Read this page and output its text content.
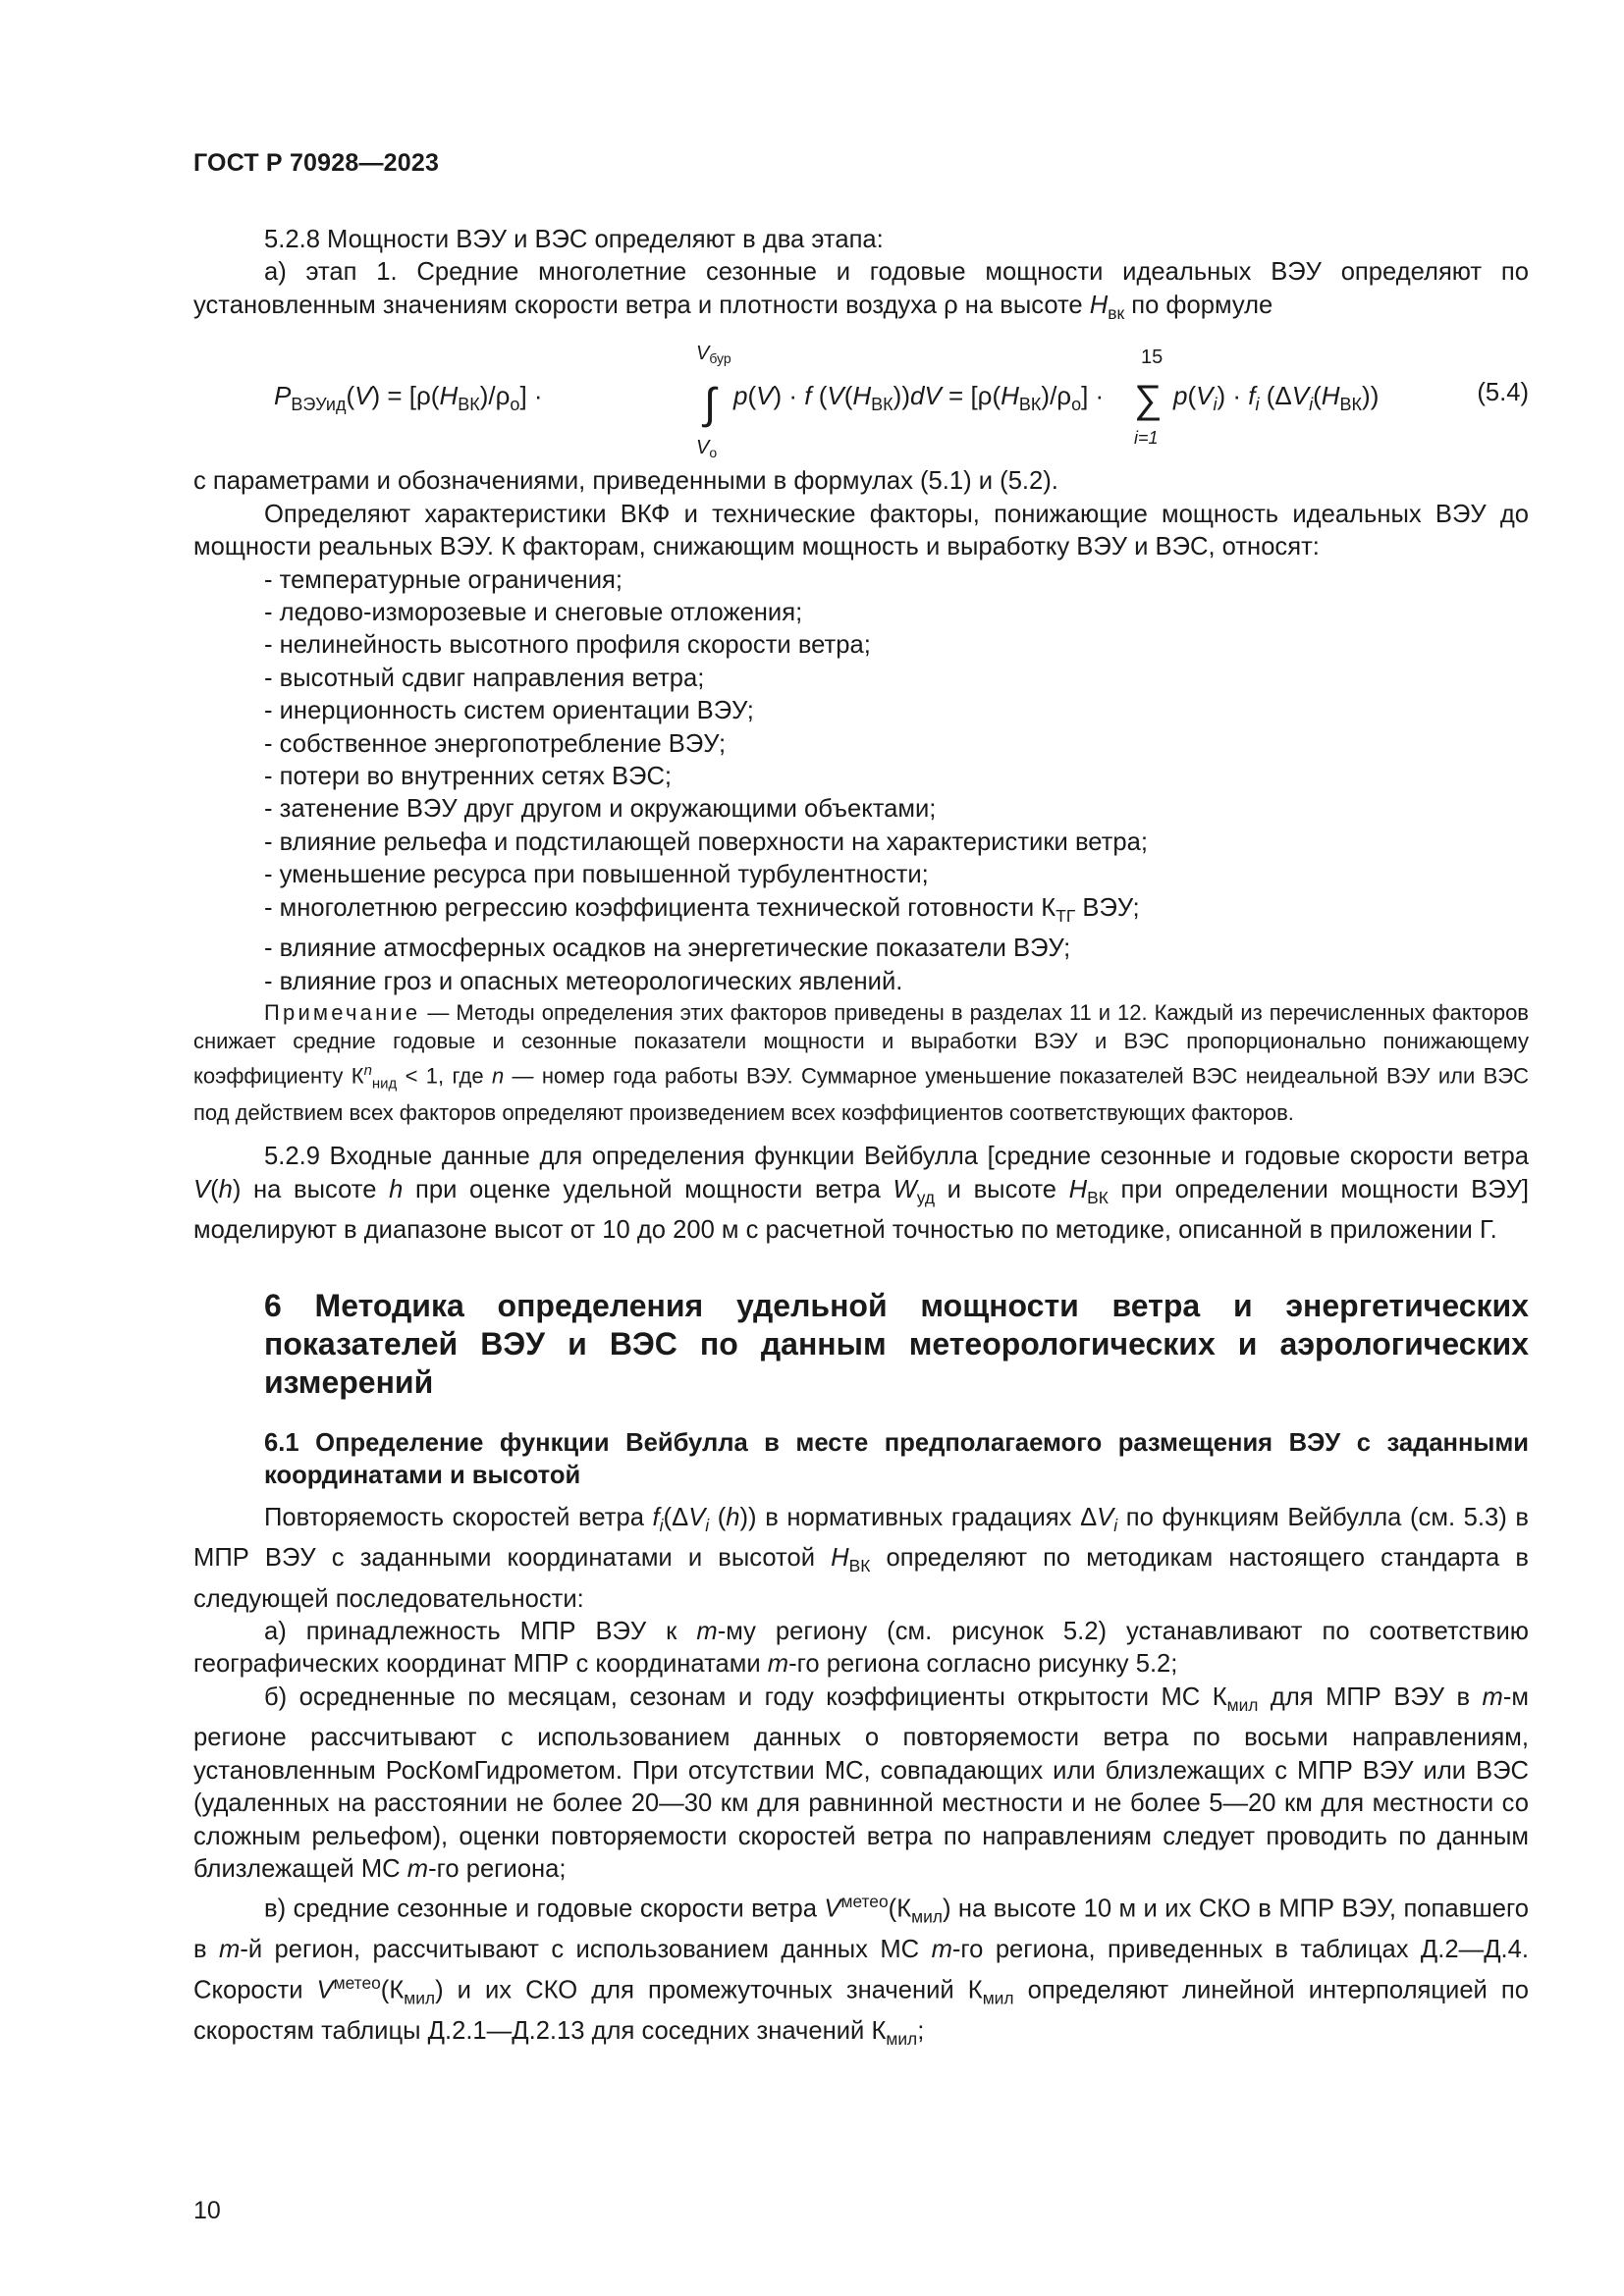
ГОСТ Р 70928—2023

5.2.8 Мощности ВЭУ и ВЭС определяют в два этапа:

а) этап 1. Средние многолетние сезонные и годовые мощности идеальных ВЭУ определяют по установленным значениям скорости ветра и плотности воздуха ρ на высоте $H_{вк}$ по формуле

$P_{ВЭУид}(V) = [\rho(H_{ВК})/\rho_о]$ ·
$V_{бур}$
∫
$V_o$
p(V) · f $(V(H_{ВК}))dV = [\rho(H_{ВК})/\rho_о]$ ·
15
∑
i=1
$p(V_i) \cdot f_i$ $(\Delta V_i(H_{ВК}))$	(5.4)

с параметрами и обозначениями, приведенными в формулах (5.1) и (5.2).

Определяют характеристики ВКФ и технические факторы, понижающие мощность идеальных ВЭУ до мощности реальных ВЭУ. К факторам, снижающим мощность и выработку ВЭУ и ВЭС, относят:

- температурные ограничения;
- ледово-изморозевые и снеговые отложения;
- нелинейность высотного профиля скорости ветра;
- высотный сдвиг направления ветра;
- инерционность систем ориентации ВЭУ;
- собственное энергопотребление ВЭУ;
- потери во внутренних сетях ВЭС;
- затенение ВЭУ друг другом и окружающими объектами;
- влияние рельефа и подстилающей поверхности на характеристики ветра;
- уменьшение ресурса при повышенной турбулентности;
- многолетнюю регрессию коэффициента технической готовности $К_{ТГ}$ ВЭУ;
- влияние атмосферных осадков на энергетические показатели ВЭУ;
- влияние гроз и опасных метеорологических явлений.

Примечание — Методы определения этих факторов приведены в разделах 11 и 12. Каждый из перечисленных факторов снижает средние годовые и сезонные показатели мощности и выработки ВЭУ и ВЭС пропорционально понижающему коэффициенту $К^n_{нид} < 1$, где n — номер года работы ВЭУ. Суммарное уменьшение показателей ВЭС неидеальной ВЭУ или ВЭС под действием всех факторов определяют произведением всех коэффициентов соответствующих факторов.

5.2.9 Входные данные для определения функции Вейбулла [средние сезонные и годовые скорости ветра V(h) на высоте h при оценке удельной мощности ветра $W_{уд}$ и высоте $H_{ВК}$ при определении мощности ВЭУ] моделируют в диапазоне высот от 10 до 200 м с расчетной точностью по методике, описанной в приложении Г.

6 Методика определения удельной мощности ветра и энергетических показателей ВЭУ и ВЭС по данным метеорологических и аэрологических измерений
6.1 Определение функции Вейбулла в месте предполагаемого размещения ВЭУ с заданными координатами и высотой

Повторяемость скоростей ветра $f_i(\Delta V_i$ (h)) в нормативных градациях $\Delta V_i$ по функциям Вейбулла (см. 5.3) в МПР ВЭУ с заданными координатами и высотой $H_{ВК}$ определяют по методикам настоящего стандарта в следующей последовательности:

а) принадлежность МПР ВЭУ к m-му региону (см. рисунок 5.2) устанавливают по соответствию географических координат МПР с координатами m-го региона согласно рисунку 5.2;

б) осредненные по месяцам, сезонам и году коэффициенты открытости МС $К_{мил}$ для МПР ВЭУ в m-м регионе рассчитывают с использованием данных о повторяемости ветра по восьми направлениям, установленным РосКомГидрометом. При отсутствии МС, совпадающих или близлежащих с МПР ВЭУ или ВЭС (удаленных на расстоянии не более 20—30 км для равнинной местности и не более 5—20 км для местности со сложным рельефом), оценки повторяемости скоростей ветра по направлениям следует проводить по данным близлежащей МС m-го региона;

в) средние сезонные и годовые скорости ветра $V^{метео}(К_{мил})$ на высоте 10 м и их СКО в МПР ВЭУ, попавшего в m-й регион, рассчитывают с использованием данных МС m-го региона, приведенных в таблицах Д.2—Д.4. Скорости $V^{метео}(К_{мил})$ и их СКО для промежуточных значений $К_{мил}$ определяют линейной интерполяцией по скоростям таблицы Д.2.1—Д.2.13 для соседних значений $К_{мил}$;

10
